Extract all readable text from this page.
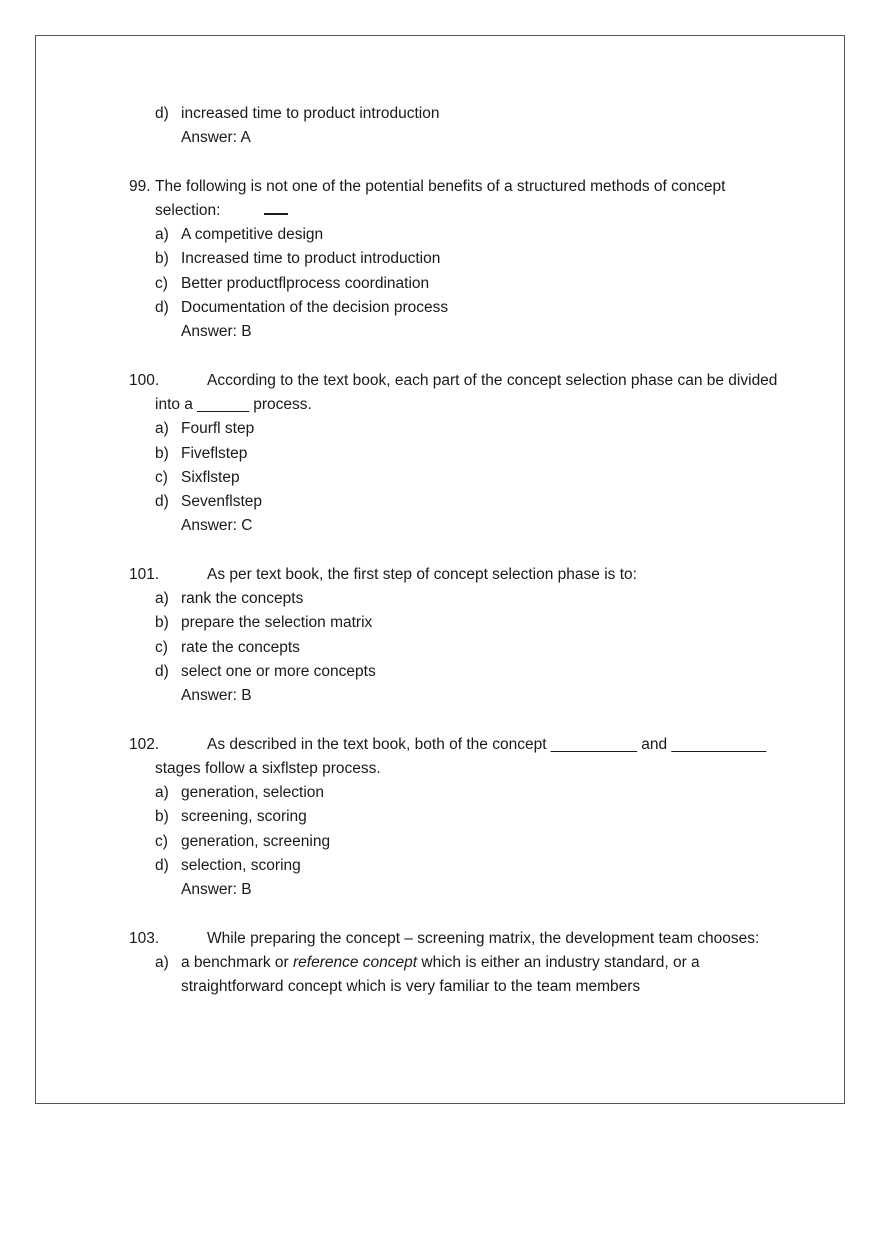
d) increased time to product introduction
Answer: A
99. The following is not one of the potential benefits of a structured methods of concept selection:
a) A competitive design
b) Increased time to product introduction
c) Better productflprocess coordination
d) Documentation of the decision process
Answer: B
100.	According to the text book, each part of the concept selection phase can be divided into a ______ process.
a) Fourfl step
b) Fiveflstep
c) Sixflstep
d) Sevenflstep
Answer: C
101.	As per text book, the first step of concept selection phase is to:
a) rank the concepts
b) prepare the selection matrix
c) rate the concepts
d) select one or more concepts
Answer: B
102.	As described in the text book, both of the concept __________ and ___________ stages follow a sixflstep process.
a) generation, selection
b) screening, scoring
c) generation, screening
d) selection, scoring
Answer: B
103.	While preparing the concept – screening matrix, the development team chooses:
a) a benchmark or reference concept which is either an industry standard, or a straightforward concept which is very familiar to the team members
